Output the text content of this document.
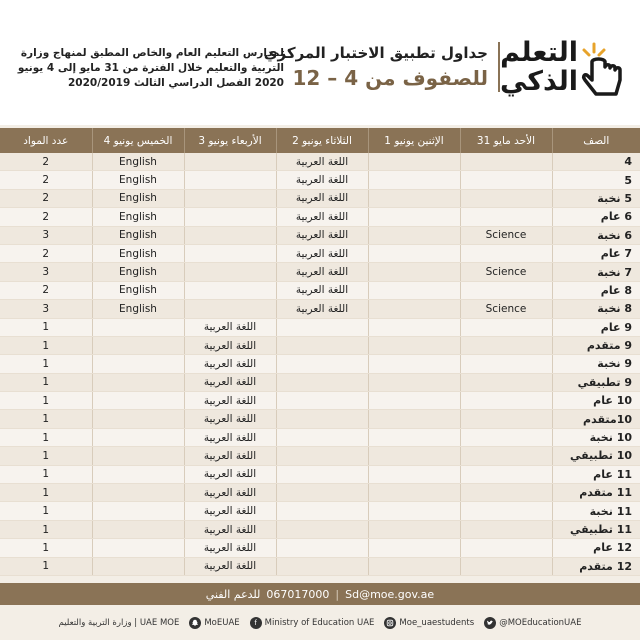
التعلم
الذكي
جداول تطبيق الاختبار المركزي
للصفوف من 4 – 12
لمدارس التعليم العام والخاص المطبق لمنهاج وزارة
التربية والتعليم خلال الفترة من 31 مايو إلى 4 يونيو
2020 الفصل الدراسي الثالث 2020/2019
الصف	الأحد مايو 31	الإثنين يونيو 1	الثلاثاء يونيو 2	الأربعاء يونيو 3	الخميس يونيو 4	عدد المواد
4			اللغة العربية		English	2
5			اللغة العربية		English	2
5 نخبة			اللغة العربية		English	2
6 عام			اللغة العربية		English	2
6 نخبة	Science		اللغة العربية		English	3
7 عام			اللغة العربية		English	2
7 نخبة	Science		اللغة العربية		English	3
8 عام			اللغة العربية		English	2
8 نخبة	Science		اللغة العربية		English	3
9 عام				اللغة العربية		1
9 متقدم				اللغة العربية		1
9 نخبة				اللغة العربية		1
9 تطبيقي				اللغة العربية		1
10 عام				اللغة العربية		1
10متقدم				اللغة العربية		1
10 نخبة				اللغة العربية		1
10 تطبيقي				اللغة العربية		1
11 عام				اللغة العربية		1
11 متقدم				اللغة العربية		1
11 نخبة				اللغة العربية		1
11 تطبيقي				اللغة العربية		1
12 عام				اللغة العربية		1
12 متقدم				اللغة العربية		1
للدعم الفني 067017000 | Sd@moe.gov.ae
وزارة التربية والتعليم | UAE MOE	MoEUAE	f Ministry of Education UAE	Moe_uaestudents	@MOEducationUAE
